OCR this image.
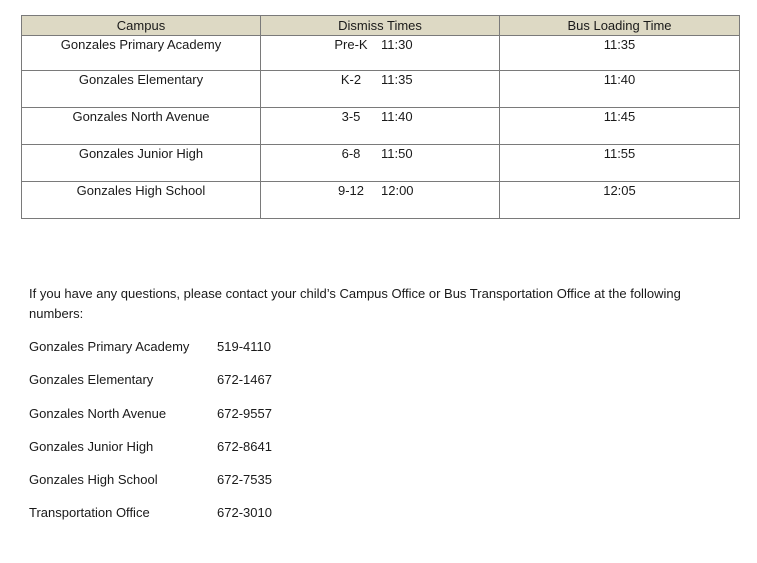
Campus	Dismiss Times	Bus Loading Time
Gonzales Primary Academy	Pre-K 11:30	11:35
Gonzales Elementary	K-2 11:35	11:40
Gonzales North Avenue	3-5 11:40	11:45
Gonzales Junior High	6-8 11:50	11:55
Gonzales High School	9-12 12:00	12:05

If you have any questions, please contact your child’s Campus Office or Bus Transportation Office at the following numbers:

Gonzales Primary Academy 519-4110
Gonzales Elementary	672-1467
Gonzales North Avenue	672-9557
Gonzales Junior High	672-8641
Gonzales High School	672-7535
Transportation Office	672-3010
